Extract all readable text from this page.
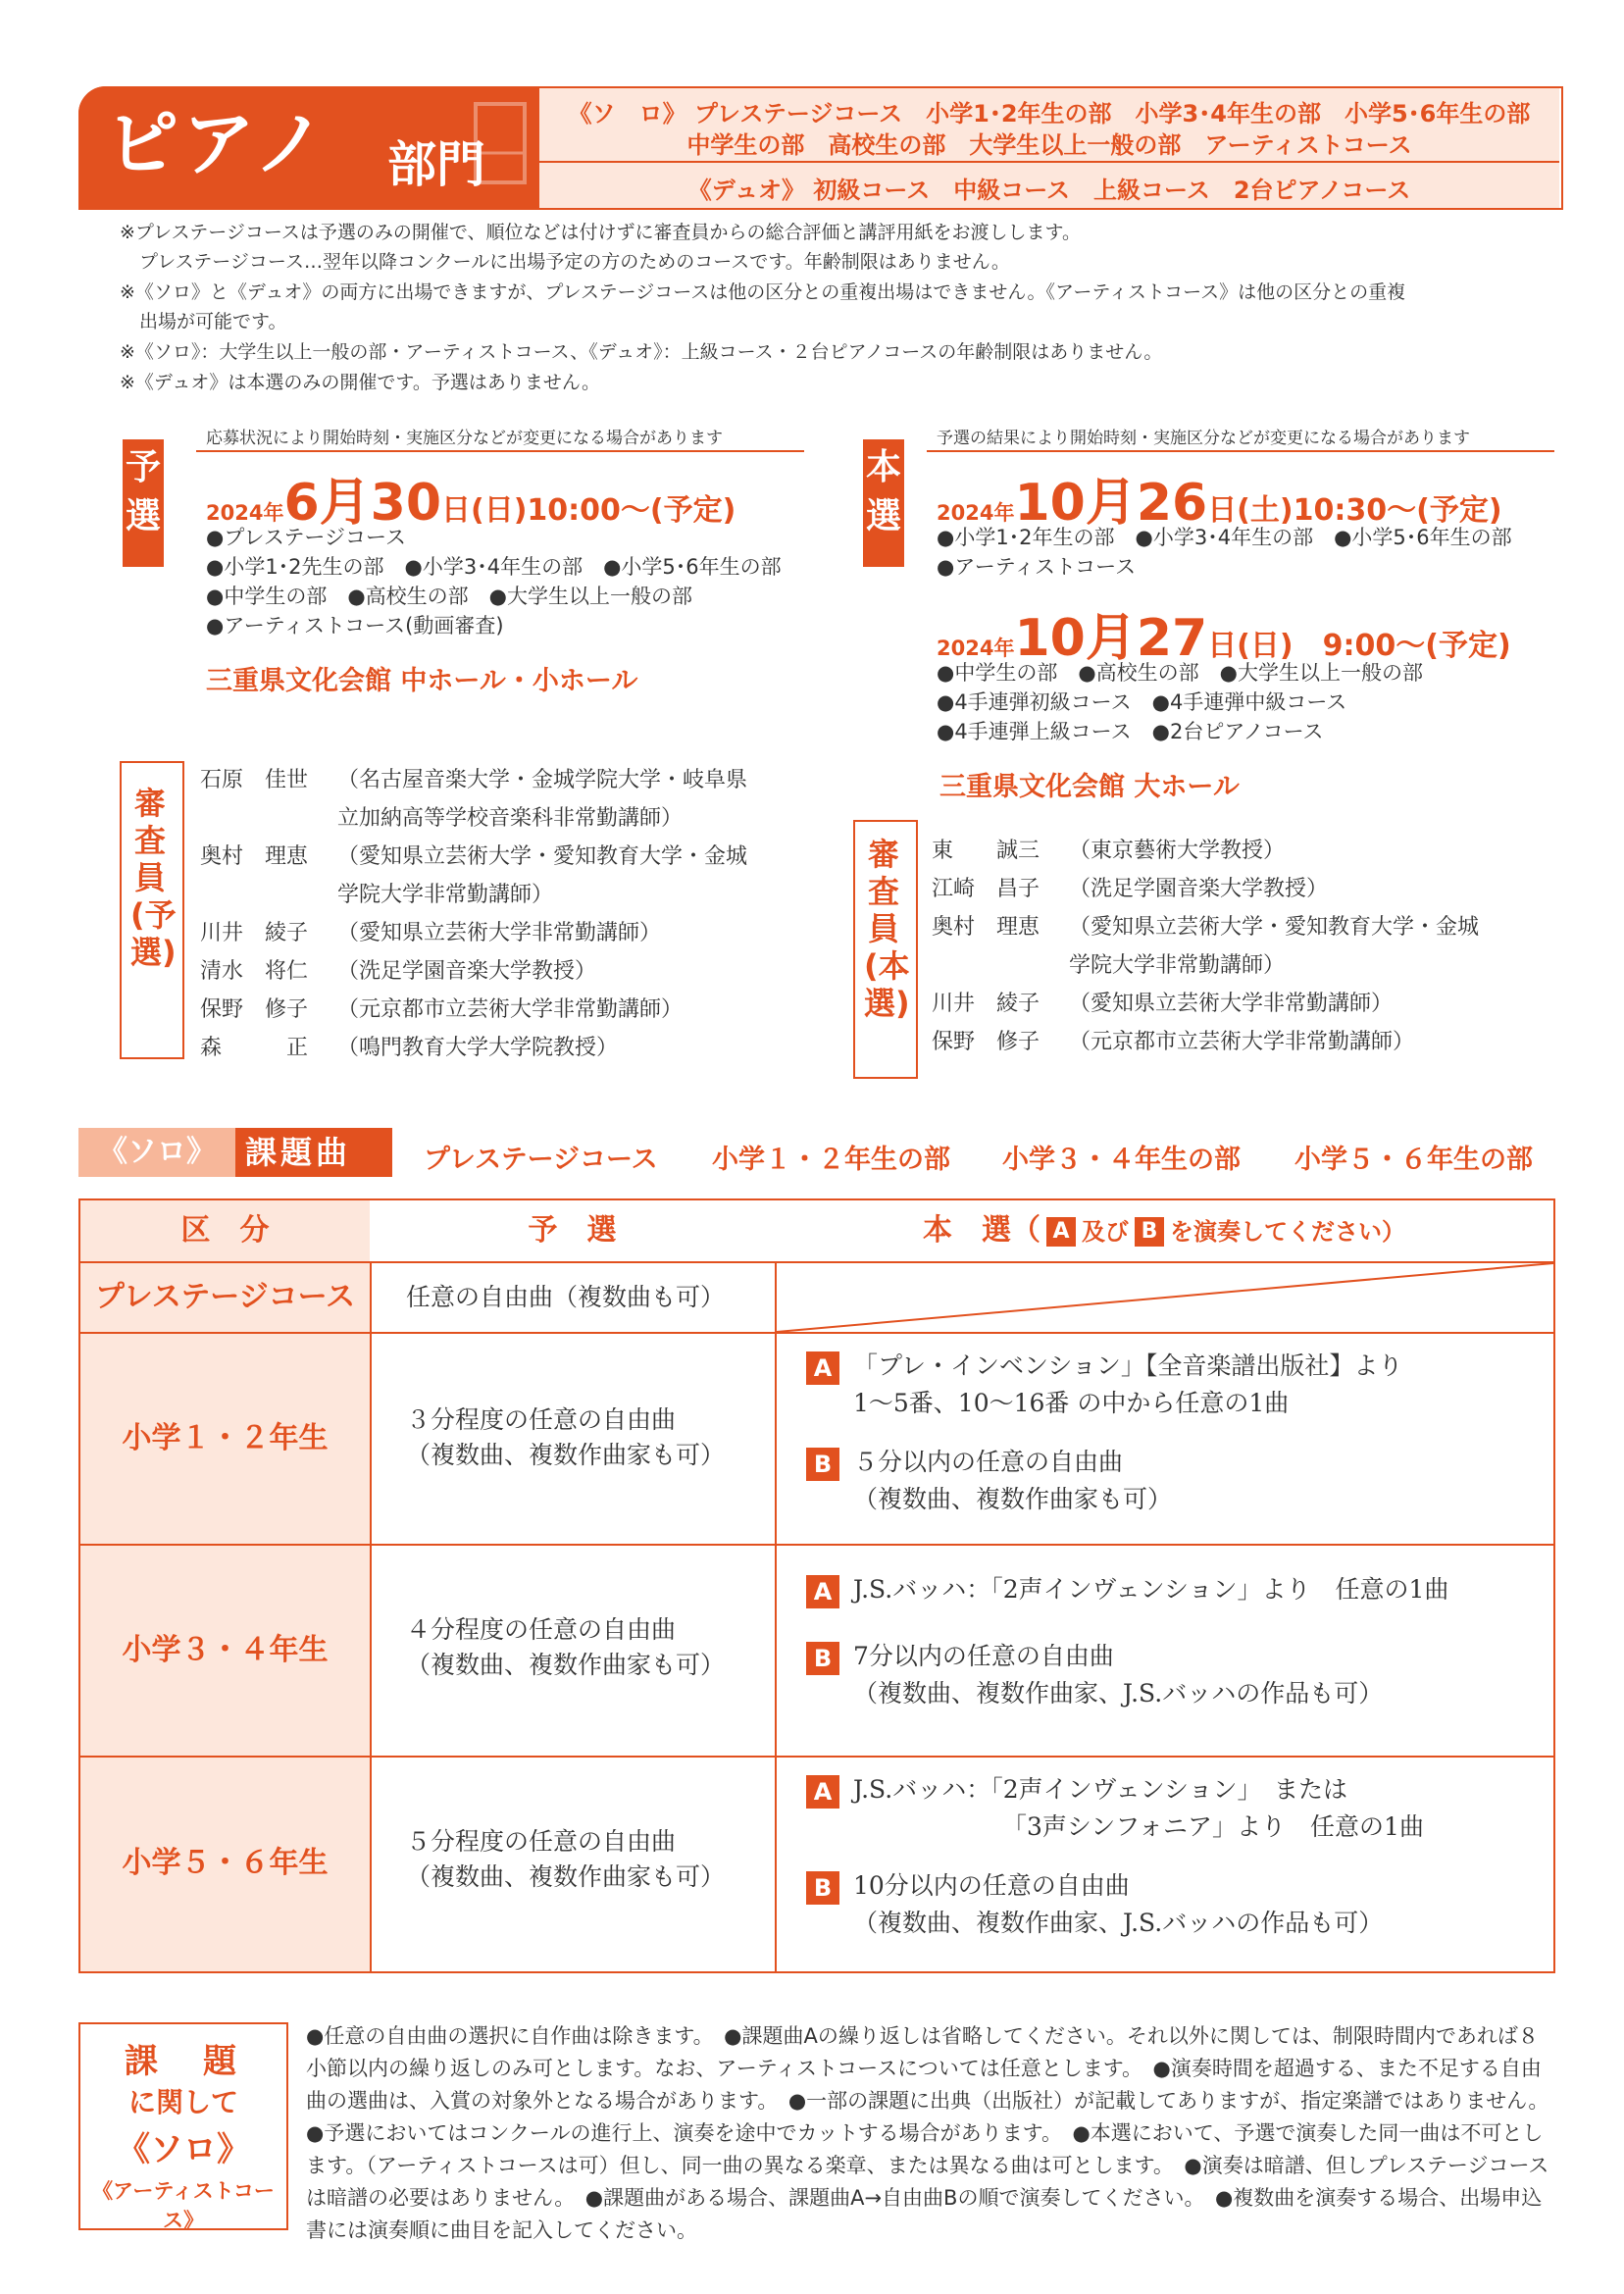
《ソ　ロ》 プレステージコース　小学1･2年生の部　小学3･4年生の部　小学5･6年生の部
中学生の部　高校生の部　大学生以上一般の部　アーティストコース
《デュオ》 初級コース　中級コース　上級コース　2台ピアノコース
ピアノ 部門
※プレステージコースは予選のみの開催で、順位などは付けずに審査員からの総合評価と講評用紙をお渡しします。
プレステージコース…翌年以降コンクールに出場予定の方のためのコースです。年齢制限はありません。
※《ソロ》と《デュオ》の両方に出場できますが、プレステージコースは他の区分との重複出場はできません。《アーティストコース》は他の区分との重複
出場が可能です。
※《ソロ》：大学生以上一般の部・アーティストコース、《デュオ》：上級コース・２台ピアノコースの年齢制限はありません。
※《デュオ》は本選のみの開催です。予選はありません。
予選
応募状況により開始時刻・実施区分などが変更になる場合があります
2024年6月30日(日)10:00〜(予定)
●プレステージコース
●小学1･2先生の部　●小学3･4年生の部　●小学5･6年生の部
●中学生の部　●高校生の部　●大学生以上一般の部
●アーティストコース(動画審査)
三重県文化会館 中ホール・小ホール
本選
予選の結果により開始時刻・実施区分などが変更になる場合があります
2024年10月26日(土)10:30〜(予定)
●小学1･2年生の部　●小学3･4年生の部　●小学5･6年生の部
●アーティストコース
2024年10月27日(日)　9:00〜(予定)
●中学生の部　●高校生の部　●大学生以上一般の部
●4手連弾初級コース　●4手連弾中級コース
●4手連弾上級コース　●2台ピアノコース
三重県文化会館 大ホール
審査員(予選)
石原　佳世 （名古屋音楽大学・金城学院大学・岐阜県
立加納高等学校音楽科非常勤講師）
奥村　理恵 （愛知県立芸術大学・愛知教育大学・金城
学院大学非常勤講師）
川井　綾子 （愛知県立芸術大学非常勤講師）
清水　将仁 （洗足学園音楽大学教授）
保野　修子 （元京都市立芸術大学非常勤講師）
森　　　正 （鳴門教育大学大学院教授）
審査員(本選)
東　　誠三 （東京藝術大学教授）
江崎　昌子 （洗足学園音楽大学教授）
奥村　理恵 （愛知県立芸術大学・愛知教育大学・金城
学院大学非常勤講師）
川井　綾子 （愛知県立芸術大学非常勤講師）
保野　修子 （元京都市立芸術大学非常勤講師）
《ソロ》 課題曲	プレステージコース 小学１・２年生の部 小学３・４年生の部 小学５・６年生の部
区　分	予　選	本　選（ A 及び B を演奏してください）
プレステージコース	任意の自由曲（複数曲も可）
小学１・２年生
３分程度の任意の自由曲
（複数曲、複数作曲家も可）
A 「プレ・インベンション」【全音楽譜出版社】より
1〜5番、10〜16番 の中から任意の1曲
B ５分以内の任意の自由曲
（複数曲、複数作曲家も可）
小学３・４年生
４分程度の任意の自由曲
（複数曲、複数作曲家も可）
A J.S.バッハ：「2声インヴェンション」より　任意の1曲
B 7分以内の任意の自由曲
（複数曲、複数作曲家、J.S.バッハの作品も可）
小学５・６年生
５分程度の任意の自由曲
（複数曲、複数作曲家も可）
A J.S.バッハ：「2声インヴェンション」　または
「3声シンフォニア」より　任意の1曲
B 10分以内の任意の自由曲
（複数曲、複数作曲家、J.S.バッハの作品も可）
課　題
に関して
《ソロ》
《アーティストコース》
●任意の自由曲の選択に自作曲は除きます。　●課題曲Aの繰り返しは省略してください。それ以外に関しては、制限時間内であれば８小節以内の繰り返しのみ可とします。なお、アーティストコースについては任意とします。　●演奏時間を超過する、また不足する自由曲の選曲は、入賞の対象外となる場合があります。　●一部の課題に出典（出版社）が記載してありますが、指定楽譜ではありません。　●予選においてはコンクールの進行上、演奏を途中でカットする場合があります。　●本選において、予選で演奏した同一曲は不可とします。（アーティストコースは可）但し、同一曲の異なる楽章、または異なる曲は可とします。　●演奏は暗譜、但しプレステージコースは暗譜の必要はありません。　●課題曲がある場合、課題曲A→自由曲Bの順で演奏してください。　●複数曲を演奏する場合、出場申込書には演奏順に曲目を記入してください。
